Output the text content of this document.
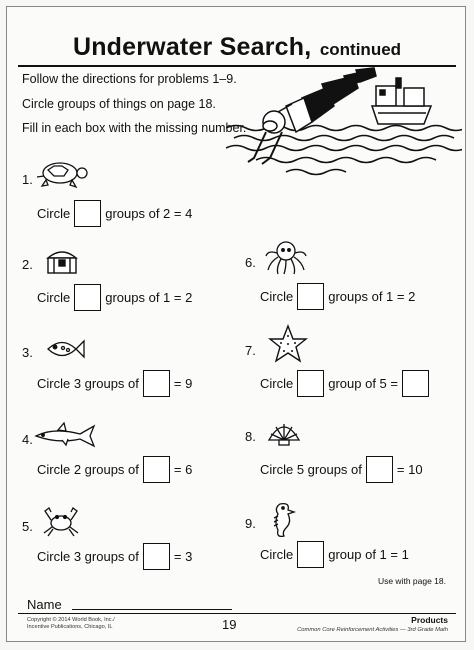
Underwater Search, continued
Follow the directions for problems 1–9.
Circle groups of things on page 18.
Fill in each box with the missing number.
1.
Circle	groups of 2 = 4
2.
Circle	groups of 1 = 2
3.
Circle 3 groups of	= 9
4.
Circle 2 groups of	= 6
5.
Circle 3 groups of	= 3
6.
Circle	groups of 1 = 2
7.
Circle	group of 5 =
8.
Circle 5 groups of	= 10
9.
Circle	group of 1 = 1
Use with page 18.
Name
Copyright © 2014 World Book, Inc./
Incentive Publications, Chicago, IL	19	Products
Common Core Reinforcement Activities — 3rd Grade Math
